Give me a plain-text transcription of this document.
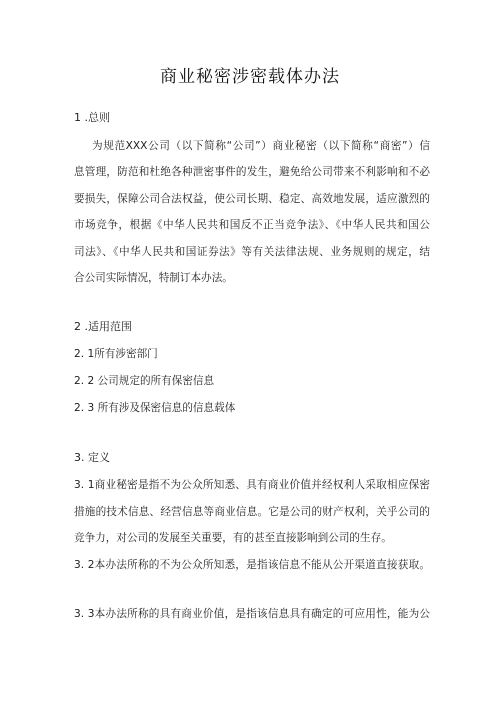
商业秘密涉密载体办法
1 .总则
为规范XXX公司（以下简称“公司”）商业秘密（以下简称“商密”）信
息管理，防范和杜绝各种泄密事件的发生，避免给公司带来不利影响和不必
要损失，保障公司合法权益，使公司长期、稳定、高效地发展，适应激烈的
市场竞争，根据《中华人民共和国反不正当竞争法》、《中华人民共和国公
司法》、《中华人民共和国证券法》等有关法律法规、业务规则的规定，结
合公司实际情况，特制订本办法。
2 .适用范围
2. 1所有涉密部门
2. 2 公司规定的所有保密信息
2. 3 所有涉及保密信息的信息载体
3. 定义
3. 1商业秘密是指不为公众所知悉、具有商业价值并经权利人采取相应保密
措施的技术信息、经营信息等商业信息。它是公司的财产权利，关乎公司的
竞争力，对公司的发展至关重要，有的甚至直接影响到公司的生存。
3. 2本办法所称的不为公众所知悉，是指该信息不能从公开渠道直接获取。
3. 3本办法所称的具有商业价值，是指该信息具有确定的可应用性，能为公
